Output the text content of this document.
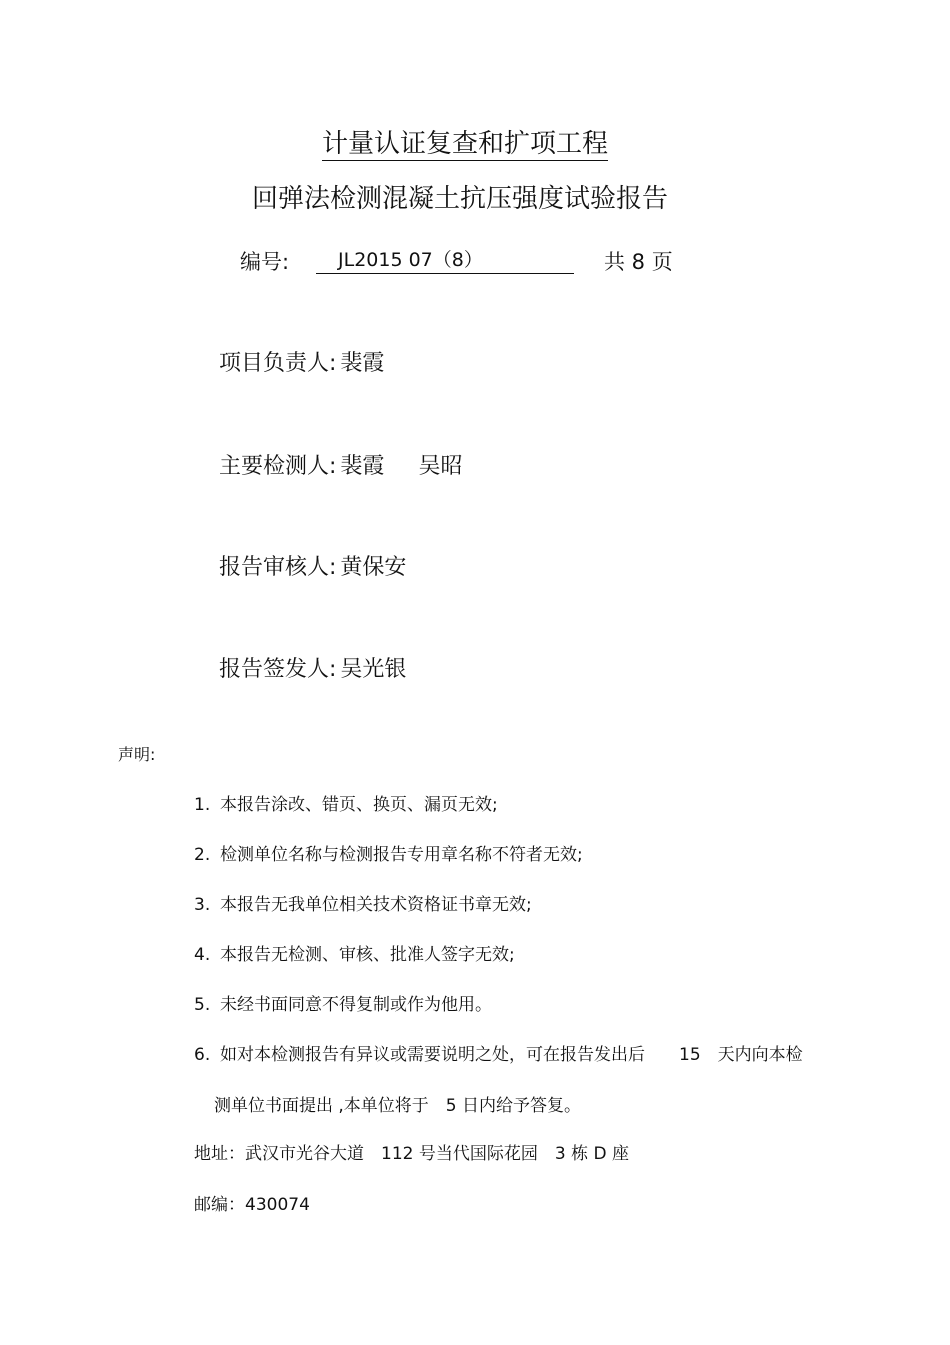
计量认证复查和扩项工程
回弹法检测混凝土抗压强度试验报告
编号:	JL2015 07（8）	共 8 页
项目负责人: 裴霞
主要检测人: 裴霞 吴昭
报告审核人: 黄保安
报告签发人: 吴光银
声明:
1. 本报告涂改、错页、换页、漏页无效;
2. 检测单位名称与检测报告专用章名称不符者无效;
3. 本报告无我单位相关技术资格证书章无效;
4. 本报告无检测、审核、批准人签字无效;
5. 未经书面同意不得复制或作为他用。
6. 如对本检测报告有异议或需要说明之处，可在报告发出后　　15　天内向本检
测单位书面提出 ,本单位将于　5 日内给予答复。
地址：武汉市光谷大道　112 号当代国际花园　3 栋 D 座
邮编：430074
